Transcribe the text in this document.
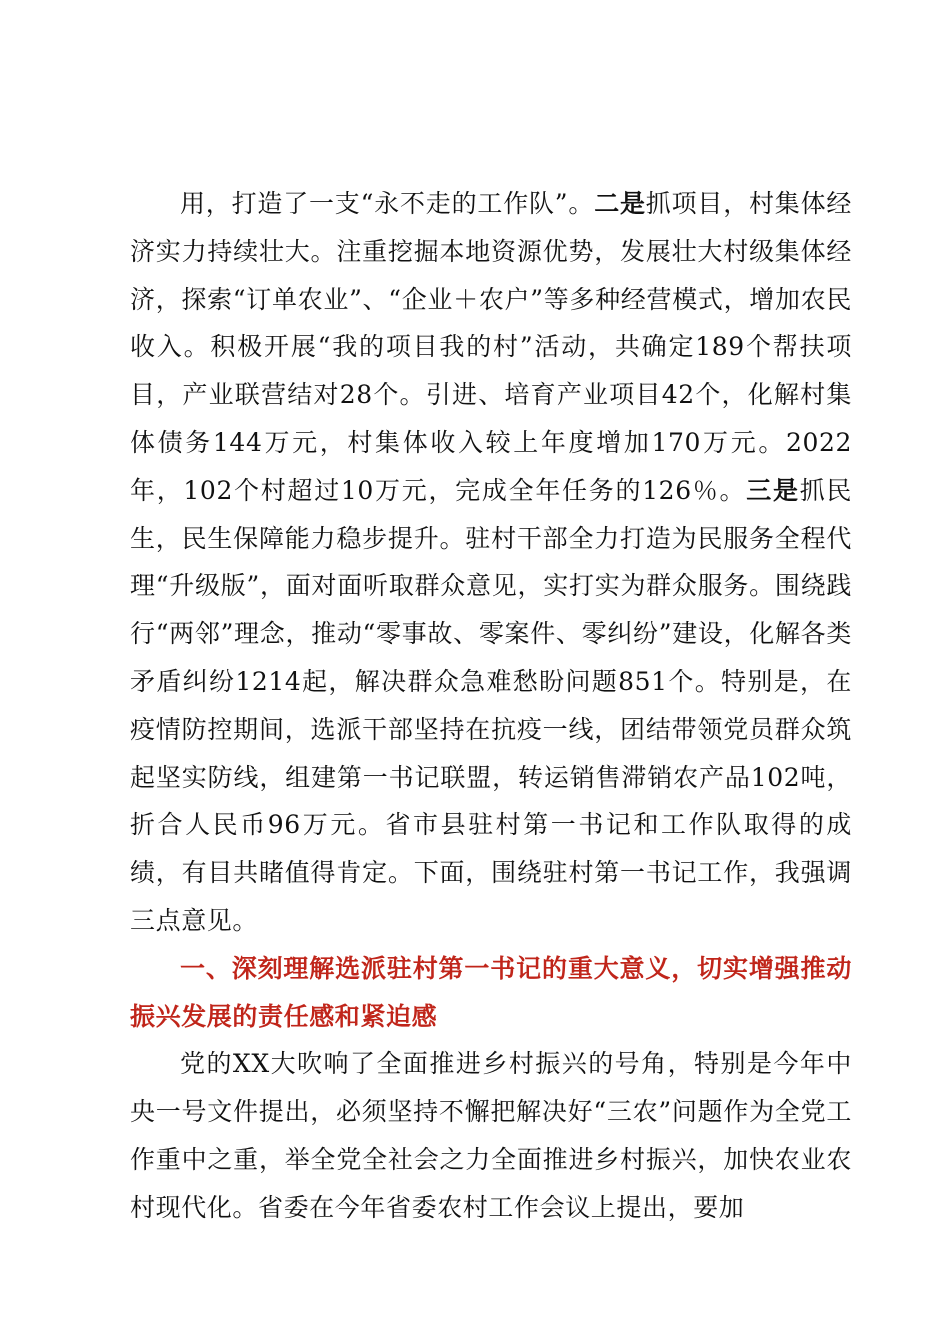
用，打造了一支“永不走的工作队”。二是抓项目，村集体经济实力持续壮大。注重挖掘本地资源优势，发展壮大村级集体经济，探索“订单农业”、“企业＋农户”等多种经营模式，增加农民收入。积极开展“我的项目我的村”活动，共确定189个帮扶项目，产业联营结对28个。引进、培育产业项目42个，化解村集体债务144万元，村集体收入较上年度增加170万元。2022年，102个村超过10万元，完成全年任务的126％。三是抓民生，民生保障能力稳步提升。驻村干部全力打造为民服务全程代理“升级版”，面对面听取群众意见，实打实为群众服务。围绕践行“两邻”理念，推动“零事故、零案件、零纠纷”建设，化解各类矛盾纠纷1214起，解决群众急难愁盼问题851个。特别是，在疫情防控期间，选派干部坚持在抗疫一线，团结带领党员群众筑起坚实防线，组建第一书记联盟，转运销售滞销农产品102吨，折合人民币96万元。省市县驻村第一书记和工作队取得的成绩，有目共睹值得肯定。下面，围绕驻村第一书记工作，我强调三点意见。

一、深刻理解选派驻村第一书记的重大意义，切实增强推动振兴发展的责任感和紧迫感

党的XX大吹响了全面推进乡村振兴的号角，特别是今年中央一号文件提出，必须坚持不懈把解决好“三农”问题作为全党工作重中之重，举全党全社会之力全面推进乡村振兴，加快农业农村现代化。省委在今年省委农村工作会议上提出，要加
